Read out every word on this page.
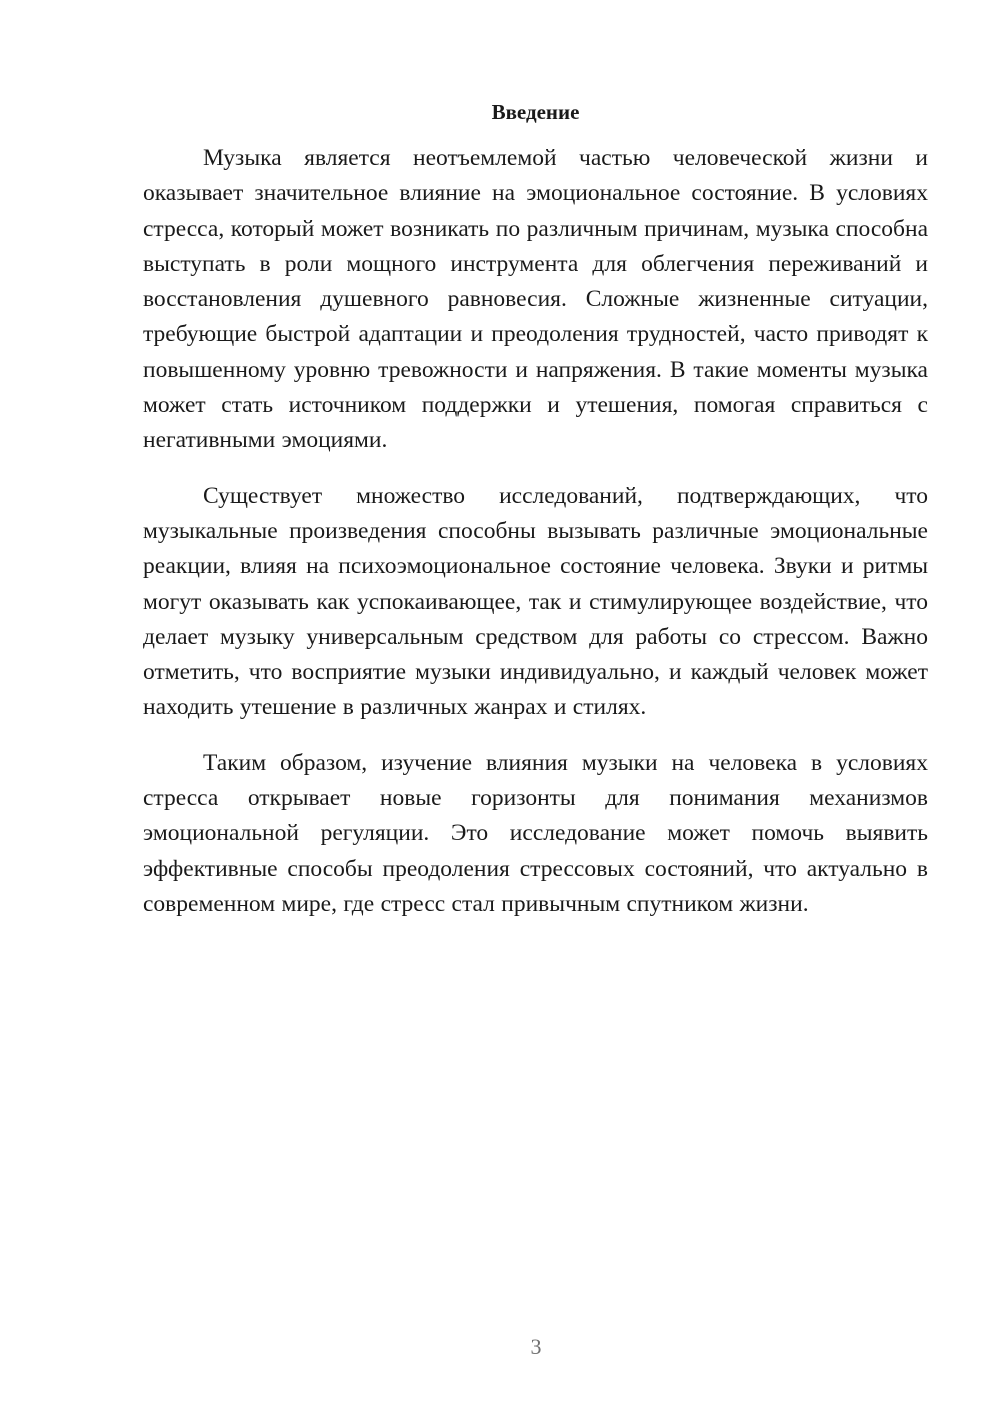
Введение

Музыка является неотъемлемой частью человеческой жизни и оказывает значительное влияние на эмоциональное состояние. В условиях стресса, который может возникать по различным причинам, музыка способна выступать в роли мощного инструмента для облегчения переживаний и восстановления душевного равновесия. Сложные жизненные ситуации, требующие быстрой адаптации и преодоления трудностей, часто приводят к повышенному уровню тревожности и напряжения. В такие моменты музыка может стать источником поддержки и утешения, помогая справиться с негативными эмоциями.

Существует множество исследований, подтверждающих, что музыкальные произведения способны вызывать различные эмоциональные реакции, влияя на психоэмоциональное состояние человека. Звуки и ритмы могут оказывать как успокаивающее, так и стимулирующее воздействие, что делает музыку универсальным средством для работы со стрессом. Важно отметить, что восприятие музыки индивидуально, и каждый человек может находить утешение в различных жанрах и стилях.

Таким образом, изучение влияния музыки на человека в условиях стресса открывает новые горизонты для понимания механизмов эмоциональной регуляции. Это исследование может помочь выявить эффективные способы преодоления стрессовых состояний, что актуально в современном мире, где стресс стал привычным спутником жизни.

3
